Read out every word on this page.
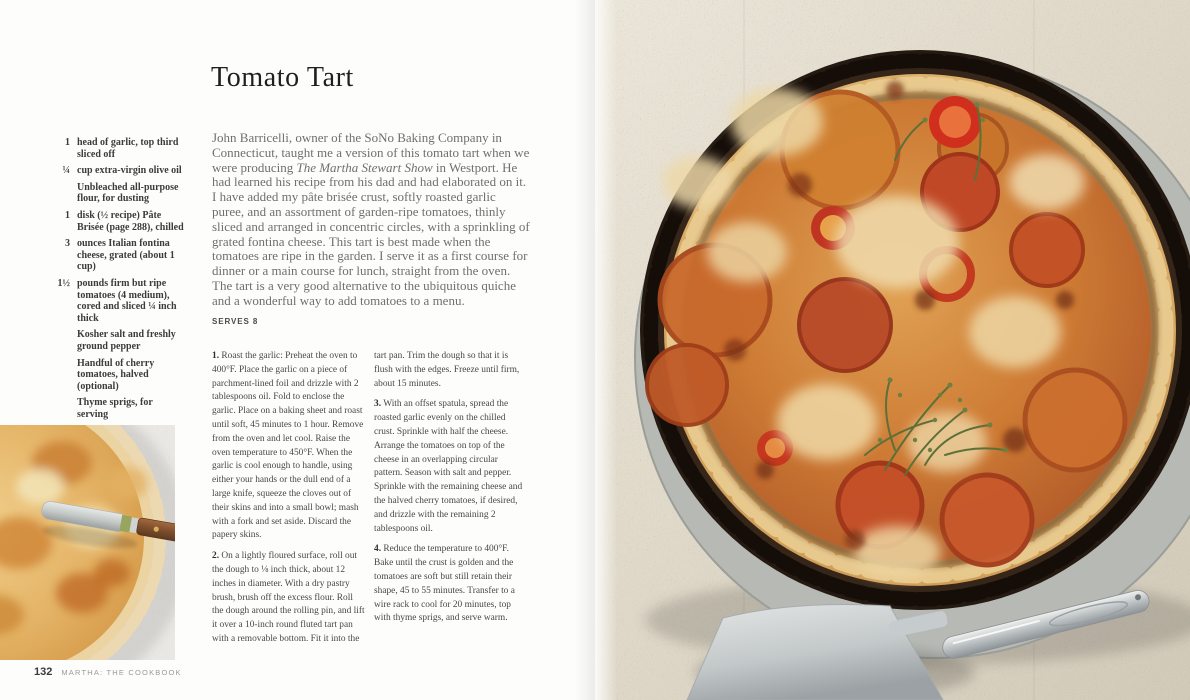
1 head of garlic, top third sliced off
¼ cup extra-virgin olive oil
Unbleached all-purpose flour, for dusting
1 disk (½ recipe) Pâte Brisée (page 288), chilled
3 ounces Italian fontina cheese, grated (about 1 cup)
1½ pounds firm but ripe tomatoes (4 medium), cored and sliced ¼ inch thick
Kosher salt and freshly ground pepper
Handful of cherry tomatoes, halved (optional)
Thyme sprigs, for serving
Tomato Tart

John Barricelli, owner of the SoNo Baking Company in Connecticut, taught me a version of this tomato tart when we were producing The Martha Stewart Show in Westport. He had learned his recipe from his dad and had elaborated on it. I have added my pâte brisée crust, softly roasted garlic puree, and an assortment of garden-ripe tomatoes, thinly sliced and arranged in concentric circles, with a sprinkling of grated fontina cheese. This tart is best made when the tomatoes are ripe in the garden. I serve it as a first course for dinner or a main course for lunch, straight from the oven. The tart is a very good alternative to the ubiquitous quiche and a wonderful way to add tomatoes to a menu.

SERVES 8

1. Roast the garlic: Preheat the oven to 400°F. Place the garlic on a piece of parchment-lined foil and drizzle with 2 tablespoons oil. Fold to enclose the garlic. Place on a baking sheet and roast until soft, 45 minutes to 1 hour. Remove from the oven and let cool. Raise the oven temperature to 450°F. When the garlic is cool enough to handle, using either your hands or the dull end of a large knife, squeeze the cloves out of their skins and into a small bowl; mash with a fork and set aside. Discard the papery skins.

2. On a lightly floured surface, roll out the dough to ⅛ inch thick, about 12 inches in diameter. With a dry pastry brush, brush off the excess flour. Roll the dough around the rolling pin, and lift it over a 10-inch round fluted tart pan with a removable bottom. Fit it into the

tart pan. Trim the dough so that it is flush with the edges. Freeze until firm, about 15 minutes.

3. With an offset spatula, spread the roasted garlic evenly on the chilled crust. Sprinkle with half the cheese. Arrange the tomatoes on top of the cheese in an overlapping circular pattern. Season with salt and pepper. Sprinkle with the remaining cheese and the halved cherry tomatoes, if desired, and drizzle with the remaining 2 tablespoons oil.

4. Reduce the temperature to 400°F. Bake until the crust is golden and the tomatoes are soft but still retain their shape, 45 to 55 minutes. Transfer to a wire rack to cool for 20 minutes, top with thyme sprigs, and serve warm.

132 MARTHA: THE COOKBOOK
